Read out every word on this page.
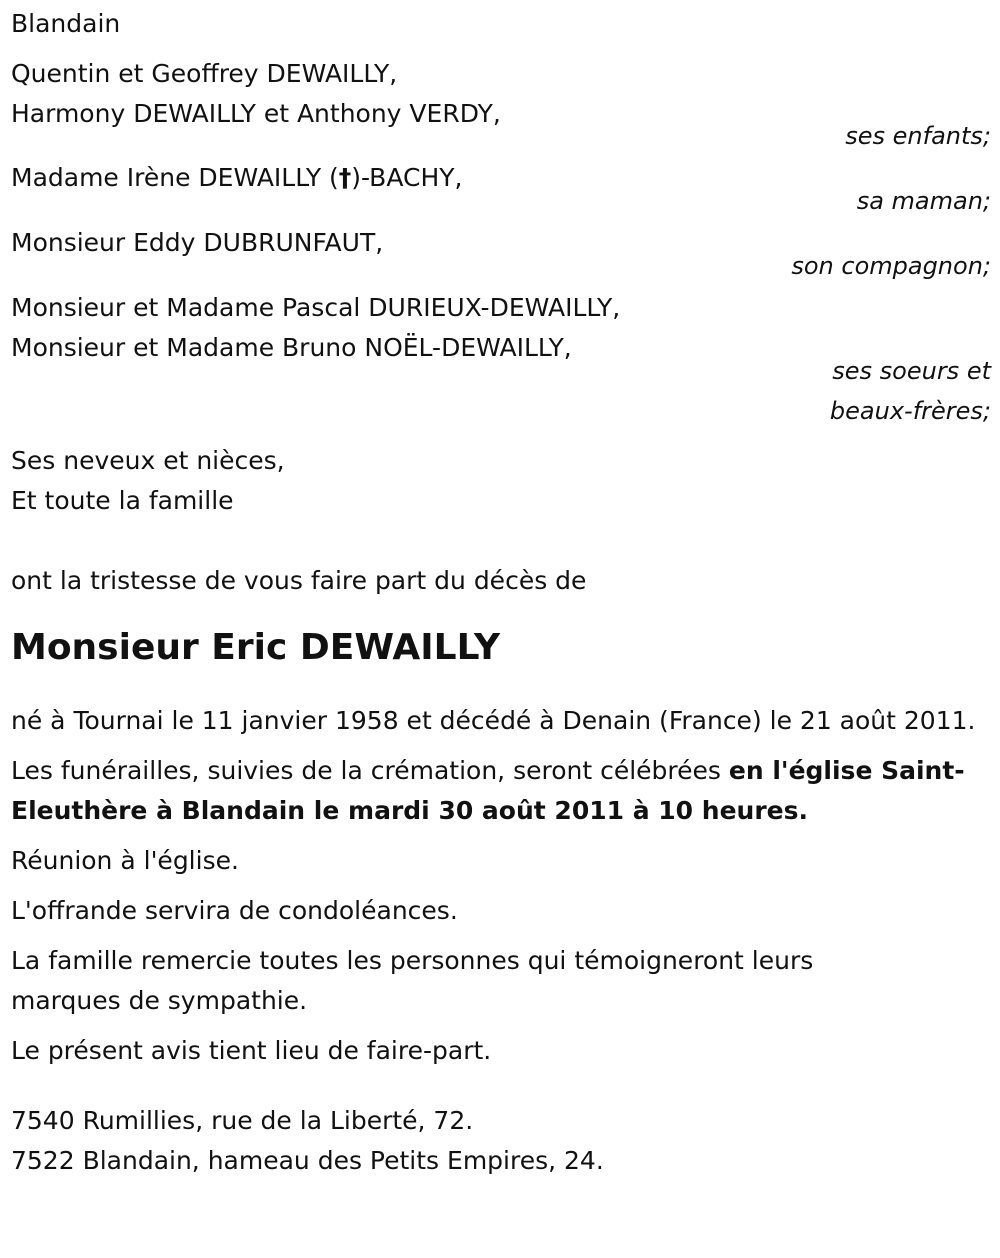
Blandain
Quentin et Geoffrey DEWAILLY,
Harmony DEWAILLY et Anthony VERDY,
ses enfants;
Madame Irène DEWAILLY (†)-BACHY,
sa maman;
Monsieur Eddy DUBRUNFAUT,
son compagnon;
Monsieur et Madame Pascal DURIEUX-DEWAILLY,
Monsieur et Madame Bruno NOËL-DEWAILLY,
ses soeurs et
beaux-frères;
Ses neveux et nièces,
Et toute la famille
ont la tristesse de vous faire part du décès de
Monsieur Eric DEWAILLY

né à Tournai le 11 janvier 1958 et décédé à Denain (France) le 21 août 2011.

Les funérailles, suivies de la crémation, seront célébrées en l'église Saint-Eleuthère à Blandain le mardi 30 août 2011 à 10 heures.

Réunion à l'église.

L'offrande servira de condoléances.

La famille remercie toutes les personnes qui témoigneront leurs marques de sympathie.

Le présent avis tient lieu de faire-part.

7540 Rumillies, rue de la Liberté, 72.
7522 Blandain, hameau des Petits Empires, 24.
